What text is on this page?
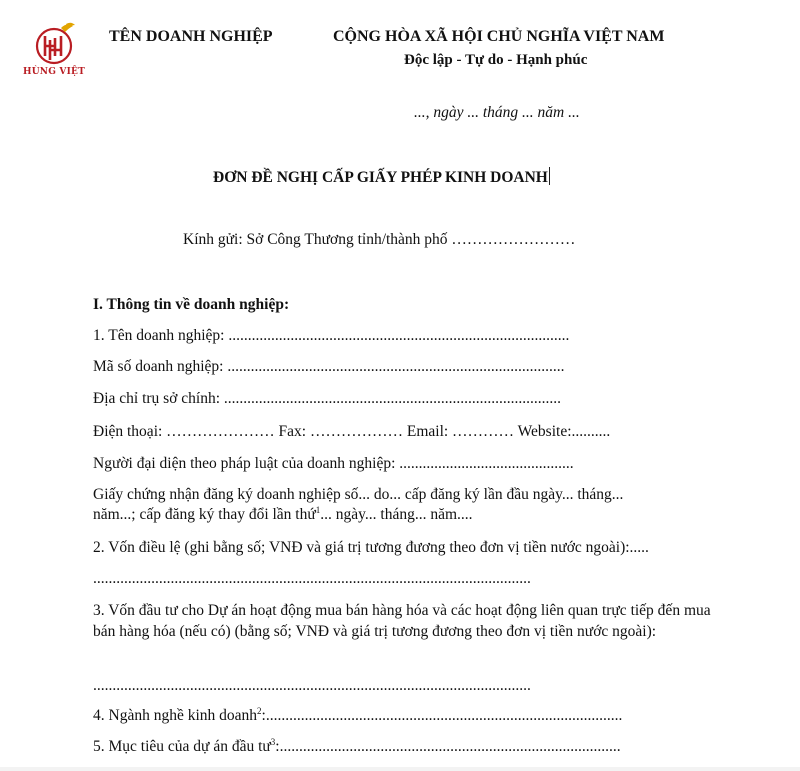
HÙNG VIỆT
TÊN DOANH NGHIỆP	CỘNG HÒA XÃ HỘI CHỦ NGHĨA VIỆT NAM
Độc lập - Tự do - Hạnh phúc
..., ngày ... tháng ... năm ...
ĐƠN ĐỀ NGHỊ CẤP GIẤY PHÉP KINH DOANH
Kính gửi: Sở Công Thương tỉnh/thành phố ……………………
I. Thông tin về doanh nghiệp:
1. Tên doanh nghiệp: ........................................................................................
Mã số doanh nghiệp: .......................................................................................
Địa chỉ trụ sở chính: .......................................................................................
Điện thoại: ………………… Fax: ……………… Email: ………… Website:..........
Người đại diện theo pháp luật của doanh nghiệp: .............................................
Giấy chứng nhận đăng ký doanh nghiệp số... do... cấp đăng ký lần đầu ngày... tháng...
năm...; cấp đăng ký thay đổi lần thứ$^1$... ngày... tháng... năm....
2. Vốn điều lệ (ghi bằng số; VNĐ và giá trị tương đương theo đơn vị tiền nước ngoài):.....
.................................................................................................................
3. Vốn đầu tư cho Dự án hoạt động mua bán hàng hóa và các hoạt động liên quan trực tiếp đến mua bán hàng hóa (nếu có) (bằng số; VNĐ và giá trị tương đương theo đơn vị tiền nước ngoài):
.................................................................................................................
4. Ngành nghề kinh doanh$^2$:............................................................................................
5. Mục tiêu của dự án đầu $tư^3$:........................................................................................
